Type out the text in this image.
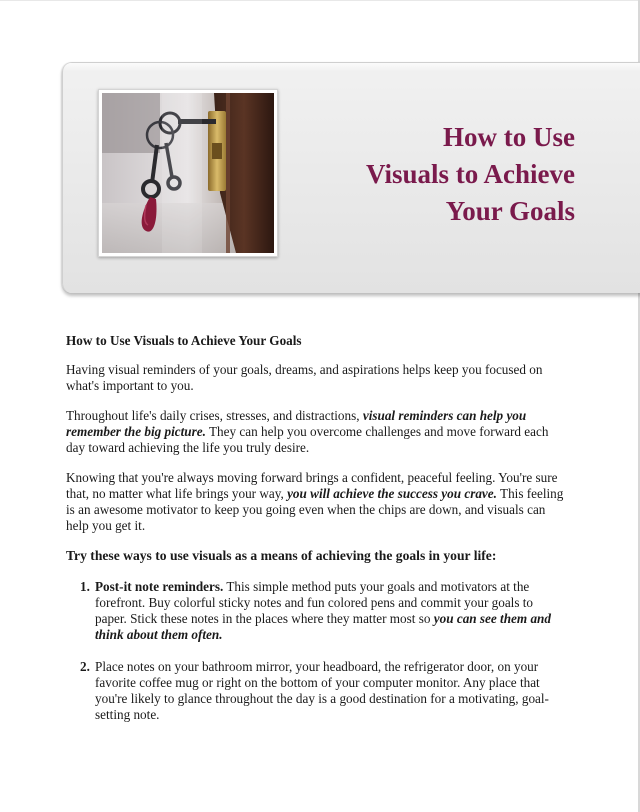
How to Use
Visuals to Achieve
Your Goals

How to Use Visuals to Achieve Your Goals

Having visual reminders of your goals, dreams, and aspirations helps keep you focused on what's important to you.

Throughout life's daily crises, stresses, and distractions, visual reminders can help you remember the big picture. They can help you overcome challenges and move forward each day toward achieving the life you truly desire.

Knowing that you're always moving forward brings a confident, peaceful feeling. You're sure that, no matter what life brings your way, you will achieve the success you crave. This feeling is an awesome motivator to keep you going even when the chips are down, and visuals can help you get it.

Try these ways to use visuals as a means of achieving the goals in your life:

1. Post-it note reminders. This simple method puts your goals and motivators at the forefront. Buy colorful sticky notes and fun colored pens and commit your goals to paper. Stick these notes in the places where they matter most so you can see them and think about them often.
2. Place notes on your bathroom mirror, your headboard, the refrigerator door, on your favorite coffee mug or right on the bottom of your computer monitor. Any place that you're likely to glance throughout the day is a good destination for a motivating, goal-setting note.
